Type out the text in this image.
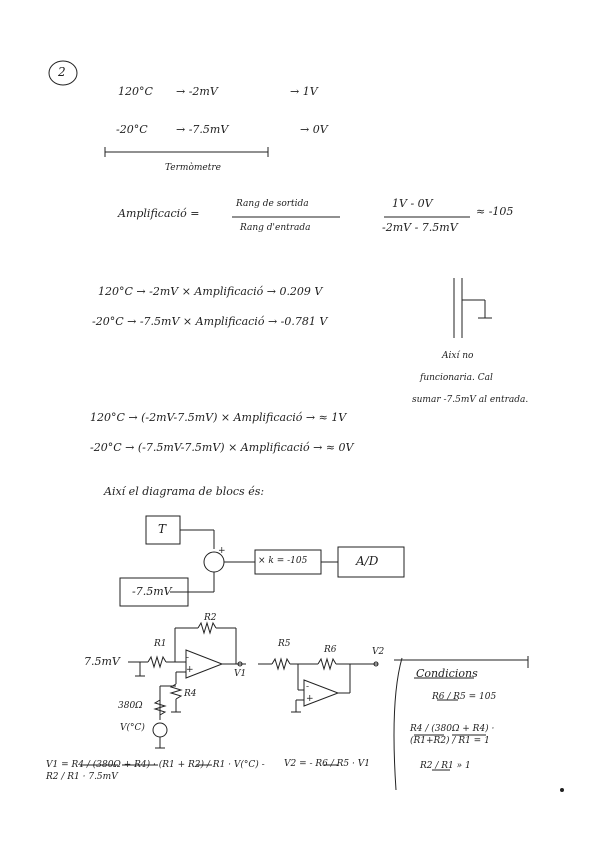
2
120°C → -2mV	→ 1V
-20°C	→ -7.5mV	→ 0V
Termòmetre
Amplificació =
Rang de sortida
Rang d'entrada
1V - 0V
-2mV - 7.5mV
≈ -105
120°C → -2mV × Amplificació → 0.209 V
-20°C → -7.5mV × Amplificació → -0.781 V
Així no
funcionaria. Cal
sumar -7.5mV al entrada.
120°C → (-2mV-7.5mV) × Amplificació → ≈ 1V
-20°C → (-7.5mV-7.5mV) × Amplificació → ≈ 0V
Així el diagrama de blocs és:
T
+
-7.5mV
× k = -105	A/D
7.5mV
R1
R2
-
+	V1
R4
380Ω
V(°C)
R5
R6
-
+
V2
V1 = R4 / (380Ω + R4) · (R1 + R2) / R1 · V(°C) - R2 / R1 · 7.5mV
V2 = - R6 / R5 · V1
Condicions
R6 / R5 = 105
R4 / (380Ω + R4) · (R1+R2) / R1 = 1
R2 / R1 » 1
